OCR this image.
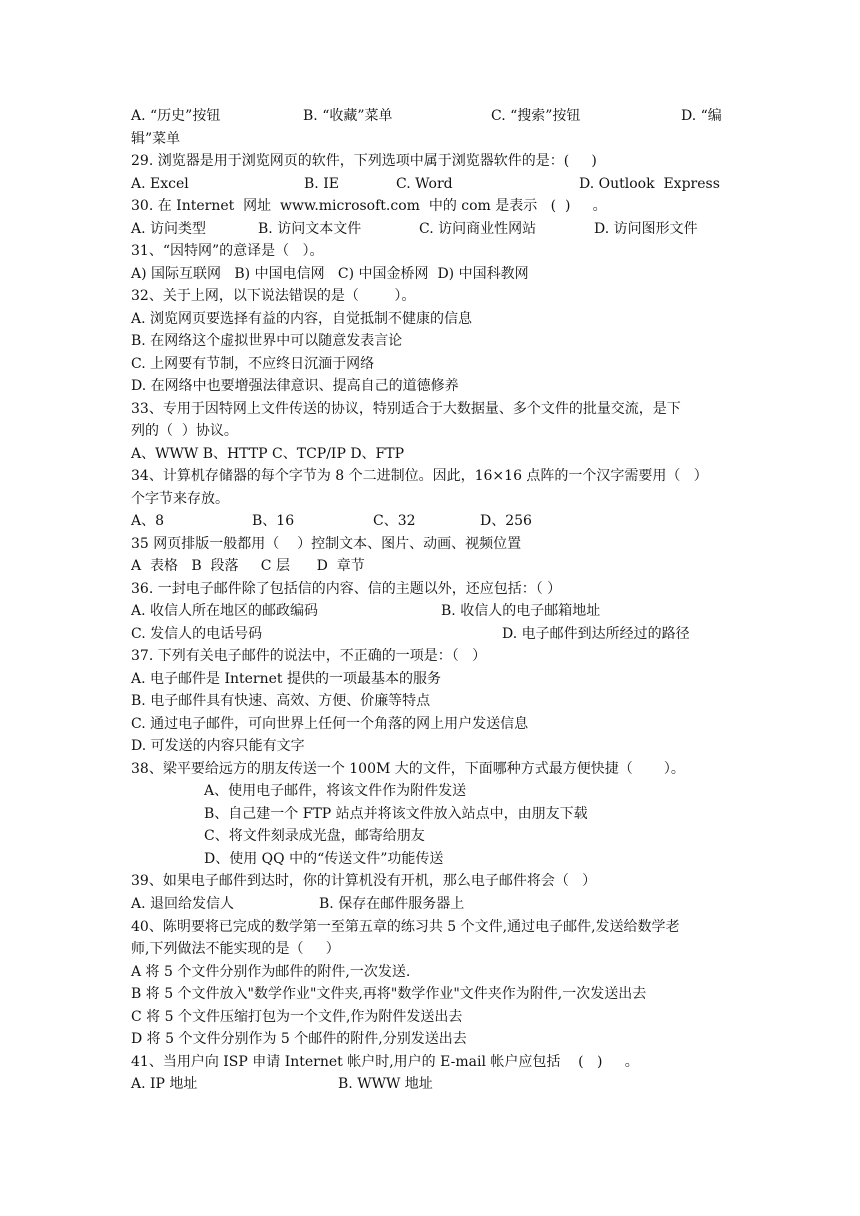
A. “历史”按钮

	B. “收藏”菜单

	C. “搜索”按钮

	D. “编

辑”菜单
29. 浏览器是用于浏览网页的软件，下列选项中属于浏览器软件的是：(     )

A. Excel

	B. IE

	C. Word

	D. Outlook  Express

30. 在 Internet  网址  www.microsoft.com  中的 com 是表示   (  )     。

A. 访问类型

	B. 访问文本文件

	C. 访问商业性网站

	D. 访问图形文件

31、“因特网”的意译是（   ）。
A) 国际互联网   B) 中国电信网   C) 中国金桥网  D) 中国科教网
32、关于上网，以下说法错误的是（        ）。
A. 浏览网页要选择有益的内容，自觉抵制不健康的信息
B. 在网络这个虚拟世界中可以随意发表言论
C. 上网要有节制，不应终日沉湎于网络
D. 在网络中也要增强法律意识、提高自己的道德修养
33、专用于因特网上文件传送的协议，特别适合于大数据量、多个文件的批量交流，是下
列的（  ）协议。
A、WWW B、HTTP C、TCP/IP D、FTP
34、计算机存储器的每个字节为 8 个二进制位。因此，16×16 点阵的一个汉字需要用（   ）
个字节来存放。

A、8

	B、16

	C、32

	D、256

35 网页排版一般都用（    ）控制文本、图片、动画、视频位置
A  表格   B  段落     C 层      D  章节
36. 一封电子邮件除了包括信的内容、信的主题以外，还应包括：（ ）

A. 收信人所在地区的邮政编码

	B. 收信人的电子邮箱地址

C. 发信人的电话号码

	D. 电子邮件到达所经过的路径

37. 下列有关电子邮件的说法中，不正确的一项是：（   ）
A. 电子邮件是 Internet 提供的一项最基本的服务
B. 电子邮件具有快速、高效、方便、价廉等特点
C. 通过电子邮件，可向世界上任何一个角落的网上用户发送信息
D. 可发送的内容只能有文字
38、梁平要给远方的朋友传送一个 100M 大的文件，下面哪种方式最方便快捷（       ）。
A、使用电子邮件，将该文件作为附件发送
B、自己建一个 FTP 站点并将该文件放入站点中，由朋友下载
C、将文件刻录成光盘，邮寄给朋友
D、使用 QQ 中的“传送文件”功能传送
39、如果电子邮件到达时，你的计算机没有开机，那么电子邮件将会（   ）

A. 退回给发信人

	B. 保存在邮件服务器上

40、陈明要将已完成的数学第一至第五章的练习共 5 个文件,通过电子邮件,发送给数学老
师,下列做法不能实现的是（     ）
A 将 5 个文件分别作为邮件的附件,一次发送.
B 将 5 个文件放入"数学作业"文件夹,再将"数学作业"文件夹作为附件,一次发送出去
C 将 5 个文件压缩打包为一个文件,作为附件发送出去
D 将 5 个文件分别作为 5 个邮件的附件,分别发送出去
41、当用户向 ISP 申请 Internet 帐户时,用户的 E-mail 帐户应包括    (   )     。

A. IP 地址

	B. WWW 地址
